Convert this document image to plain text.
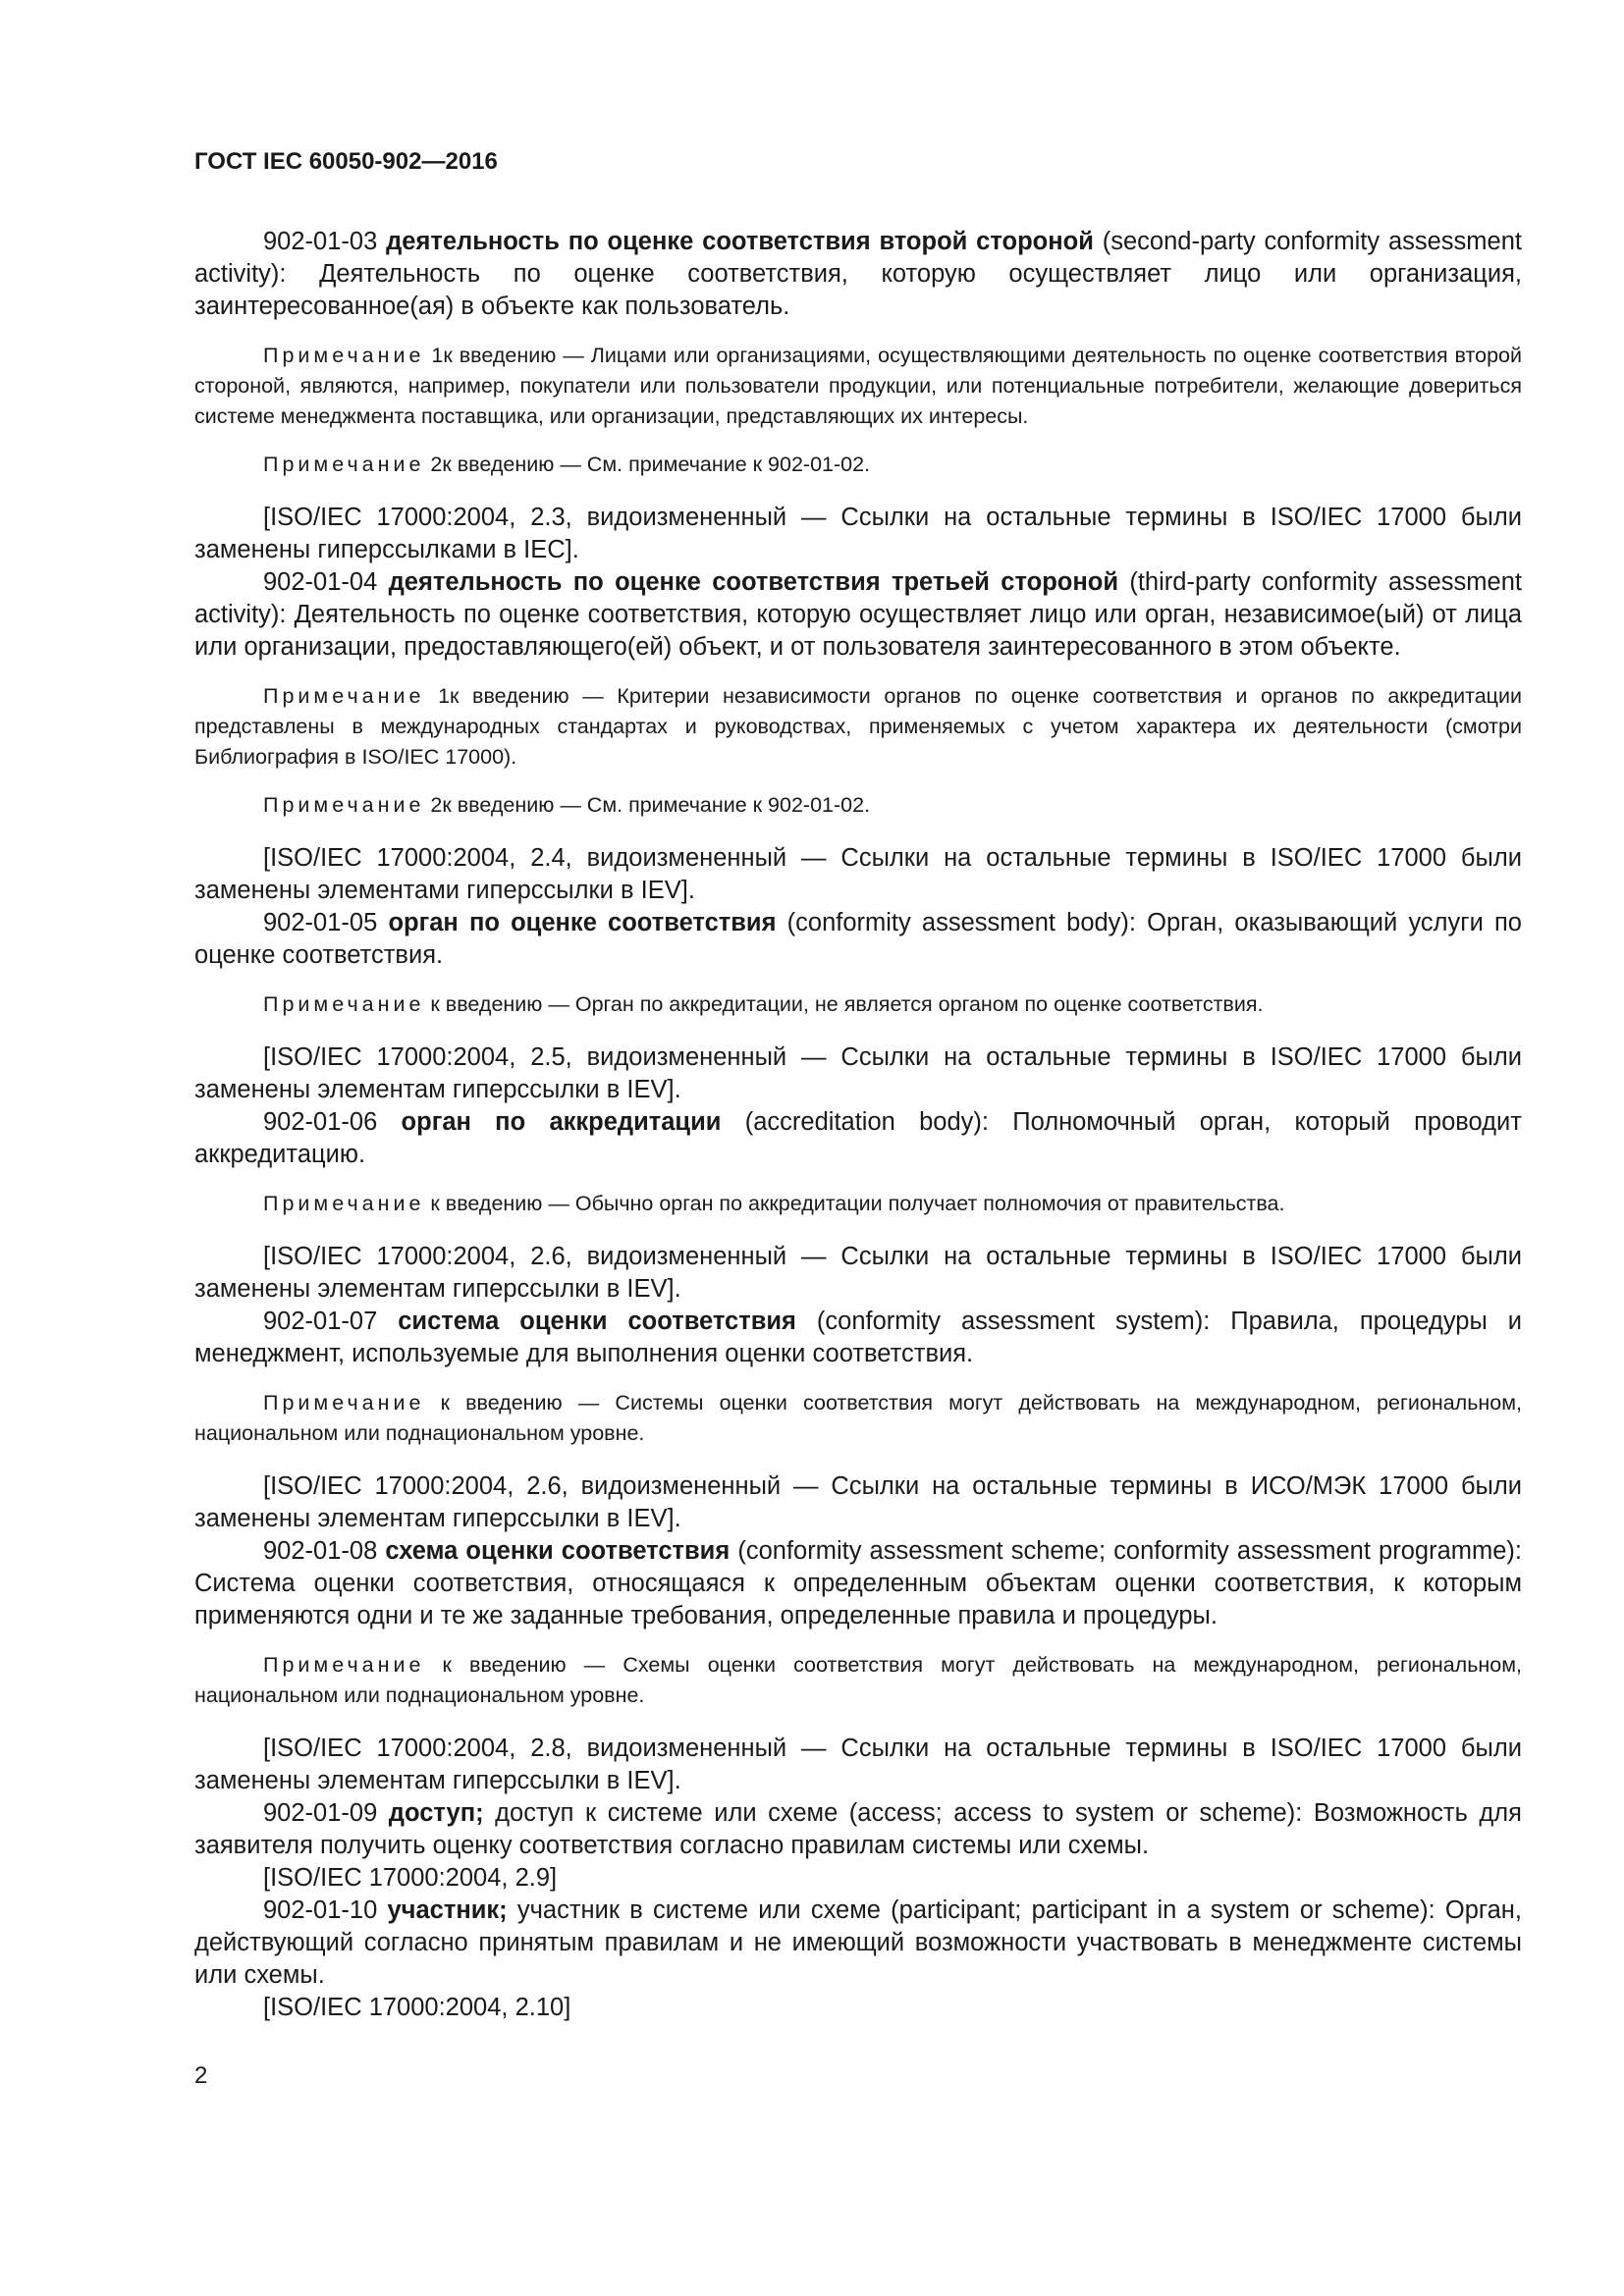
ГОСТ IEC 60050-902—2016

902-01-03 деятельность по оценке соответствия второй стороной (second-party conformity assessment activity): Деятельность по оценке соответствия, которую осуществляет лицо или организация, заинтересованное(ая) в объекте как пользователь.

Примечание 1к введению — Лицами или организациями, осуществляющими деятельность по оценке соответствия второй стороной, являются, например, покупатели или пользователи продукции, или потенциальные потребители, желающие довериться системе менеджмента поставщика, или организации, представляющих их интересы.

Примечание 2к введению — См. примечание к 902-01-02.

[ISO/IEC 17000:2004, 2.3, видоизмененный — Ссылки на остальные термины в ISO/IEC 17000 были заменены гиперссылками в IEC].

902-01-04 деятельность по оценке соответствия третьей стороной (third-party conformity assessment activity): Деятельность по оценке соответствия, которую осуществляет лицо или орган, независимое(ый) от лица или организации, предоставляющего(ей) объект, и от пользователя заинтересованного в этом объекте.

Примечание 1к введению — Критерии независимости органов по оценке соответствия и органов по аккредитации представлены в международных стандартах и руководствах, применяемых с учетом характера их деятельности (смотри Библиография в ISO/IEC 17000).

Примечание 2к введению — См. примечание к 902-01-02.

[ISO/IEC 17000:2004, 2.4, видоизмененный — Ссылки на остальные термины в ISO/IEC 17000 были заменены элементами гиперссылки в IEV].

902-01-05 орган по оценке соответствия (conformity assessment body): Орган, оказывающий услуги по оценке соответствия.

Примечание к введению — Орган по аккредитации, не является органом по оценке соответствия.

[ISO/IEC 17000:2004, 2.5, видоизмененный — Ссылки на остальные термины в ISO/IEC 17000 были заменены элементам гиперссылки в IEV].

902-01-06 орган по аккредитации (accreditation body): Полномочный орган, который проводит аккредитацию.

Примечание к введению — Обычно орган по аккредитации получает полномочия от правительства.

[ISO/IEC 17000:2004, 2.6, видоизмененный — Ссылки на остальные термины в ISO/IEC 17000 были заменены элементам гиперссылки в IEV].

902-01-07 система оценки соответствия (conformity assessment system): Правила, процедуры и менеджмент, используемые для выполнения оценки соответствия.

Примечание к введению — Системы оценки соответствия могут действовать на международном, региональном, национальном или поднациональном уровне.

[ISO/IEC 17000:2004, 2.6, видоизмененный — Ссылки на остальные термины в ИСО/МЭК 17000 были заменены элементам гиперссылки в IEV].

902-01-08 схема оценки соответствия (conformity assessment scheme; conformity assessment programme): Система оценки соответствия, относящаяся к определенным объектам оценки соответствия, к которым применяются одни и те же заданные требования, определенные правила и процедуры.

Примечание к введению — Схемы оценки соответствия могут действовать на международном, региональном, национальном или поднациональном уровне.

[ISO/IEC 17000:2004, 2.8, видоизмененный — Ссылки на остальные термины в ISO/IEC 17000 были заменены элементам гиперссылки в IEV].

902-01-09 доступ; доступ к системе или схеме (access; access to system or scheme): Возможность для заявителя получить оценку соответствия согласно правилам системы или схемы.

[ISO/IEC 17000:2004, 2.9]

902-01-10 участник; участник в системе или схеме (participant; participant in a system or scheme): Орган, действующий согласно принятым правилам и не имеющий возможности участвовать в менеджменте системы или схемы.

[ISO/IEC 17000:2004, 2.10]

2
